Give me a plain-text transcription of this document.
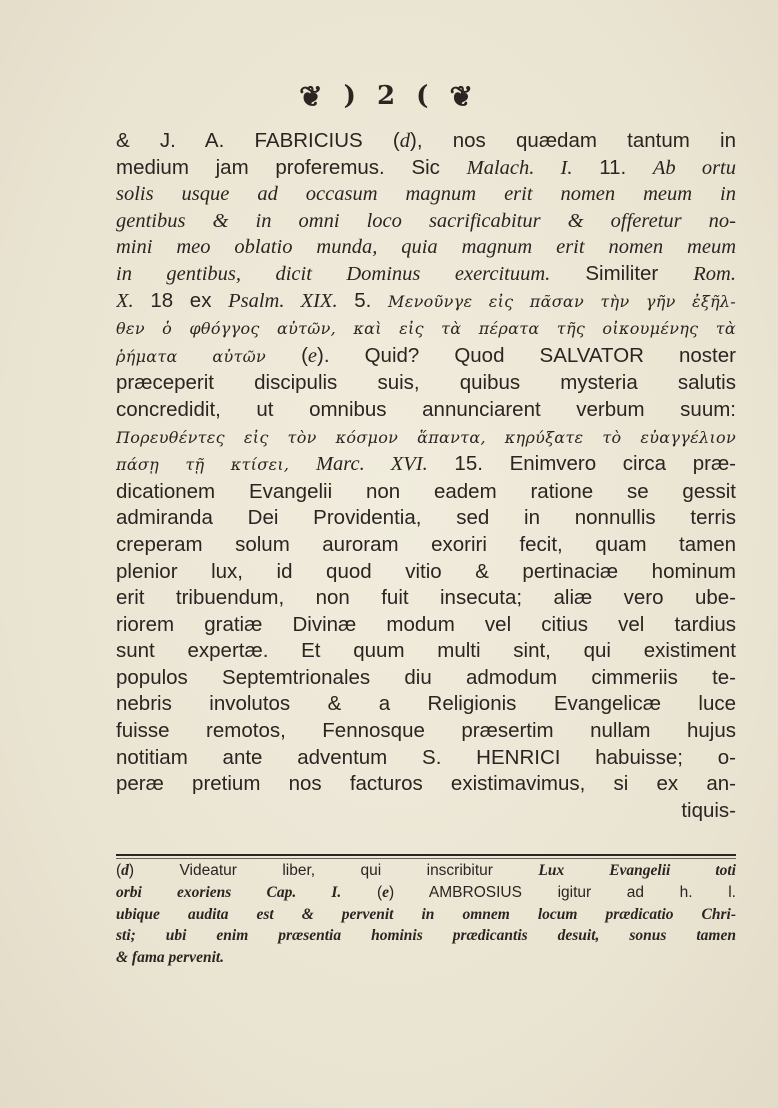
❦ ) 2 ( ❦
& J. A. FABRICIUS (d), nos quædam tantum in
medium jam proferemus. Sic Malach. I. 11. Ab ortu
solis usque ad occasum magnum erit nomen meum in
gentibus & in omni loco sacrificabitur & offeretur no-
mini meo oblatio munda, quia magnum erit nomen meum
in gentibus, dicit Dominus exercituum. Similiter Rom.
X. 18 ex Psalm. XIX. 5. Μενοῦνγε εἰς πᾶσαν τὴν γῆν ἐξῆλ-
θεν ὁ φθόγγος αὐτῶν, καὶ εἰς τὰ πέρατα τῆς οἰκουμένης τὰ
ῥήματα αὐτῶν (e). Quid? Quod SALVATOR noster
præceperit discipulis suis, quibus mysteria salutis
concredidit, ut omnibus annunciarent verbum suum:
Πορευθέντες εἰς τὸν κόσμον ἅπαντα, κηρύξατε τὸ εὐαγγέλιον
πάσῃ τῇ κτίσει, Marc. XVI. 15. Enimvero circa præ-
dicationem Evangelii non eadem ratione se gessit
admiranda Dei Providentia, sed in nonnullis terris
creperam solum auroram exoriri fecit, quam tamen
plenior lux, id quod vitio & pertinaciæ hominum
erit tribuendum, non fuit insecuta; aliæ vero ube-
riorem gratiæ Divinæ modum vel citius vel tardius
sunt expertæ. Et quum multi sint, qui existiment
populos Septemtrionales diu admodum cimmeriis te-
nebris involutos & a Religionis Evangelicæ luce
fuisse remotos, Fennosque præsertim nullam hujus
notitiam ante adventum S. HENRICI habuisse; o-
peræ pretium nos facturos existimavimus, si ex an-
tiquis-
(d) Videatur liber, qui inscribitur Lux Evangelii toti
orbi exoriens Cap. I. (e) AMBROSIUS igitur ad h. l.
ubique audita est & pervenit in omnem locum prædicatio Chri-
sti; ubi enim præsentia hominis prædicantis desuit, sonus tamen
& fama pervenit.
